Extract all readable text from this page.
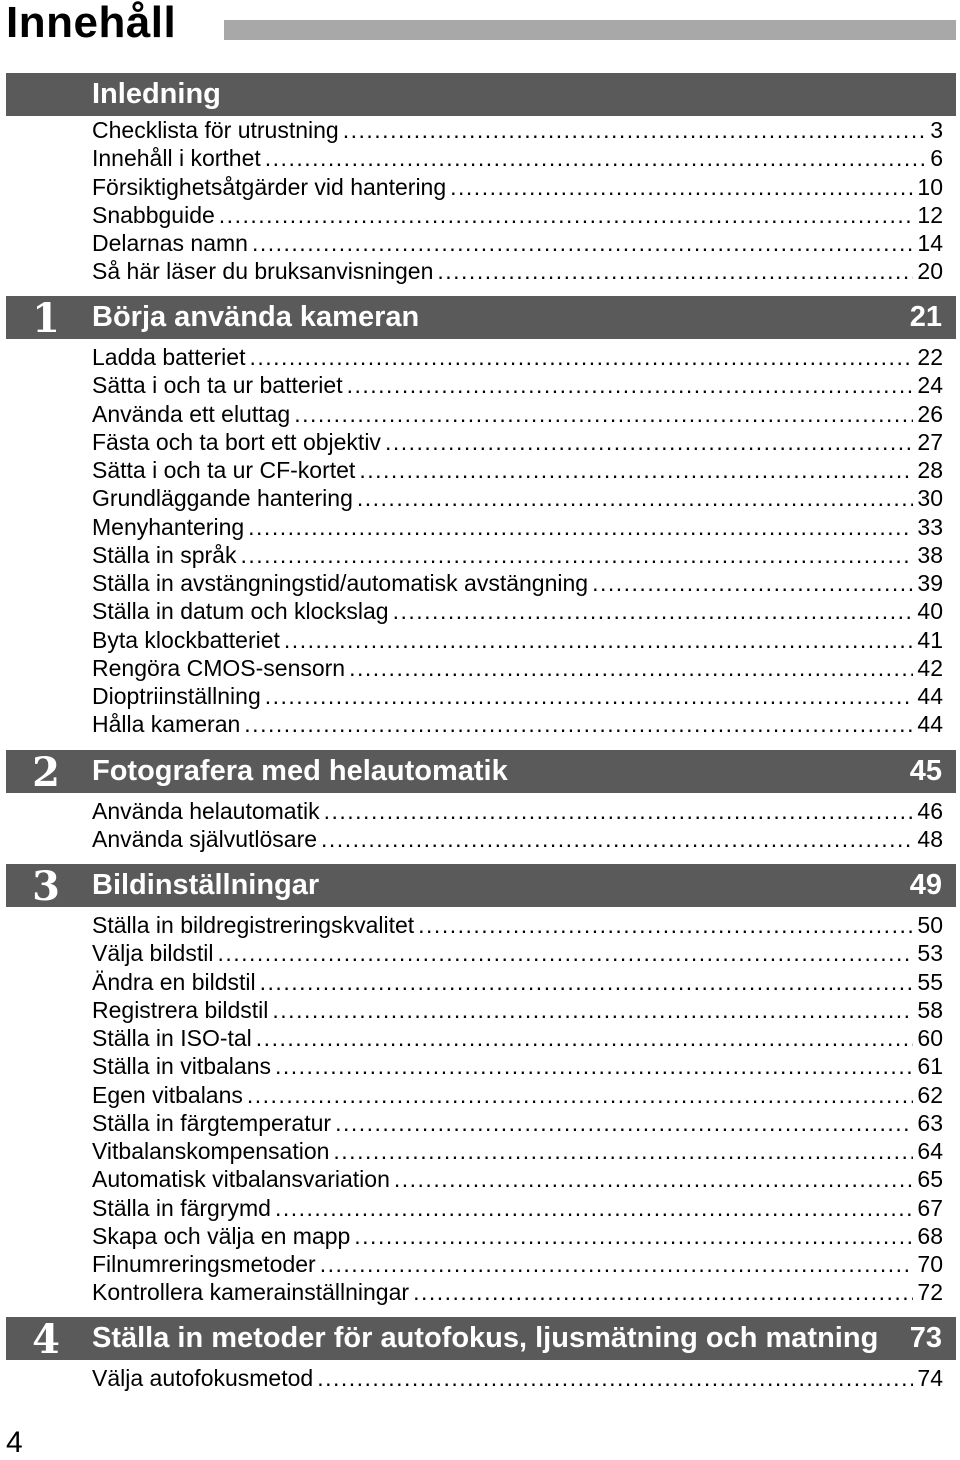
Innehåll
Inledning
Checklista för utrustning .....	3
Innehåll i korthet .....	6
Försiktighetsåtgärder vid hantering .....	10
Snabbguide .....	12
Delarnas namn .....	14
Så här läser du bruksanvisningen .....	20
1	Börja använda kameran	21
Ladda batteriet .....	22
Sätta i och ta ur batteriet .....	24
Använda ett eluttag .....	26
Fästa och ta bort ett objektiv .....	27
Sätta i och ta ur CF-kortet .....	28
Grundläggande hantering .....	30
Menyhantering .....	33
Ställa in språk .....	38
Ställa in avstängningstid/automatisk avstängning .....	39
Ställa in datum och klockslag .....	40
Byta klockbatteriet .....	41
Rengöra CMOS-sensorn .....	42
Dioptriinställning .....	44
Hålla kameran .....	44
2	Fotografera med helautomatik	45
Använda helautomatik .....	46
Använda självutlösare .....	48
3	Bildinställningar	49
Ställa in bildregistreringskvalitet .....	50
Välja bildstil .....	53
Ändra en bildstil .....	55
Registrera bildstil .....	58
Ställa in ISO-tal .....	60
Ställa in vitbalans .....	61
Egen vitbalans .....	62
Ställa in färgtemperatur .....	63
Vitbalanskompensation .....	64
Automatisk vitbalansvariation .....	65
Ställa in färgrymd .....	67
Skapa och välja en mapp .....	68
Filnumreringsmetoder .....	70
Kontrollera kamerainställningar .....	72
4	Ställa in metoder för autofokus, ljusmätning och matning 73
Välja autofokusmetod .....	74
4
